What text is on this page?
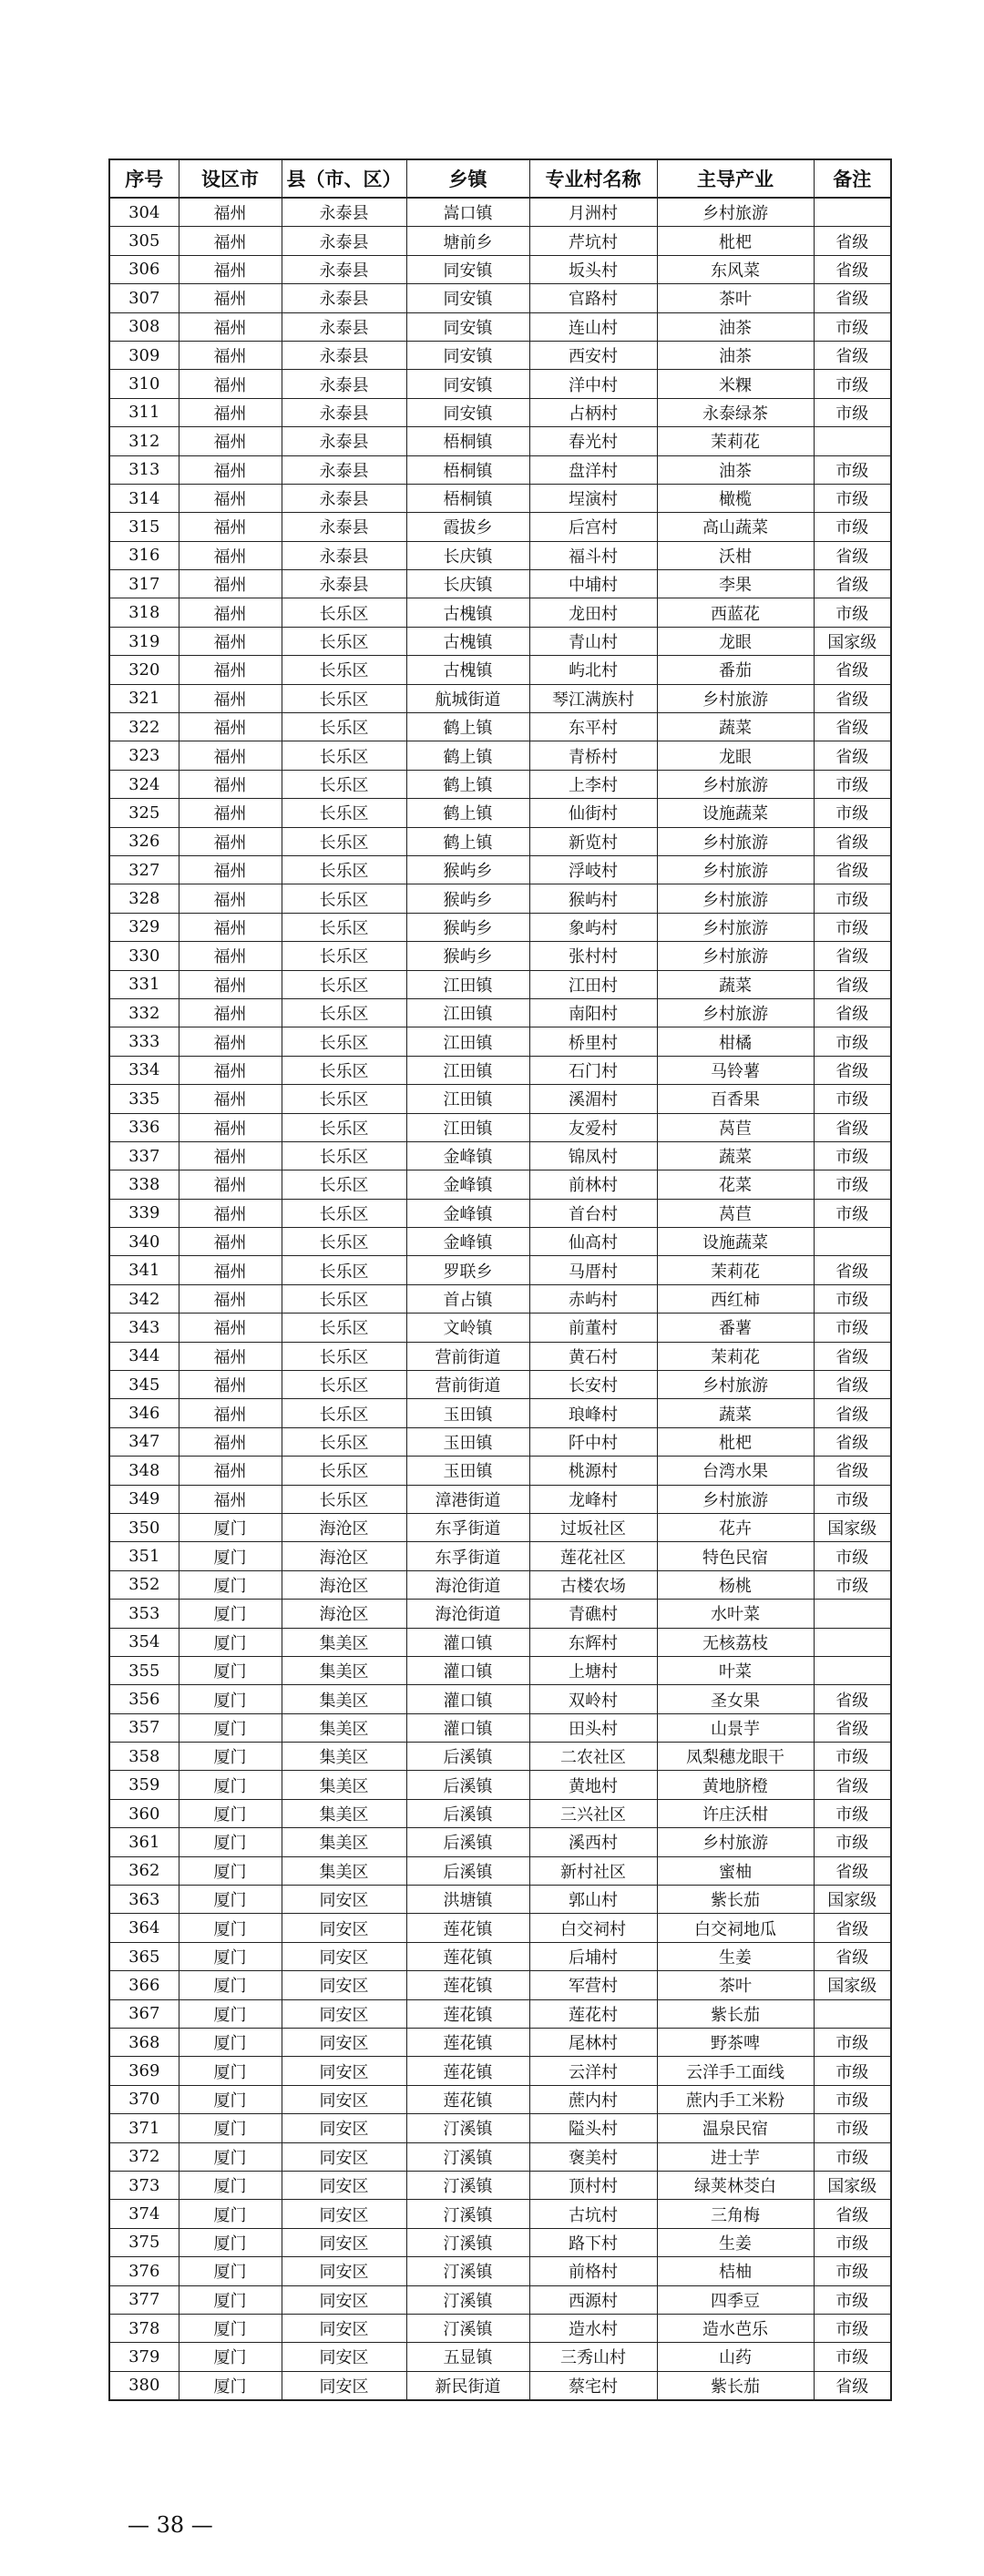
序号	设区市	县（市、区）	乡镇	专业村名称	主导产业	备注
304	福州	永泰县	嵩口镇	月洲村	乡村旅游	
305	福州	永泰县	塘前乡	芹坑村	枇杷	省级
306	福州	永泰县	同安镇	坂头村	东风菜	省级
307	福州	永泰县	同安镇	官路村	茶叶	省级
308	福州	永泰县	同安镇	连山村	油茶	市级
309	福州	永泰县	同安镇	西安村	油茶	省级
310	福州	永泰县	同安镇	洋中村	米粿	市级
311	福州	永泰县	同安镇	占柄村	永泰绿茶	市级
312	福州	永泰县	梧桐镇	春光村	茉莉花	
313	福州	永泰县	梧桐镇	盘洋村	油茶	市级
314	福州	永泰县	梧桐镇	埕演村	橄榄	市级
315	福州	永泰县	霞拔乡	后宫村	高山蔬菜	市级
316	福州	永泰县	长庆镇	福斗村	沃柑	省级
317	福州	永泰县	长庆镇	中埔村	李果	省级
318	福州	长乐区	古槐镇	龙田村	西蓝花	市级
319	福州	长乐区	古槐镇	青山村	龙眼	国家级
320	福州	长乐区	古槐镇	屿北村	番茄	省级
321	福州	长乐区	航城街道	琴江满族村	乡村旅游	省级
322	福州	长乐区	鹤上镇	东平村	蔬菜	省级
323	福州	长乐区	鹤上镇	青桥村	龙眼	省级
324	福州	长乐区	鹤上镇	上李村	乡村旅游	市级
325	福州	长乐区	鹤上镇	仙街村	设施蔬菜	市级
326	福州	长乐区	鹤上镇	新览村	乡村旅游	省级
327	福州	长乐区	猴屿乡	浮岐村	乡村旅游	省级
328	福州	长乐区	猴屿乡	猴屿村	乡村旅游	市级
329	福州	长乐区	猴屿乡	象屿村	乡村旅游	市级
330	福州	长乐区	猴屿乡	张村村	乡村旅游	省级
331	福州	长乐区	江田镇	江田村	蔬菜	省级
332	福州	长乐区	江田镇	南阳村	乡村旅游	省级
333	福州	长乐区	江田镇	桥里村	柑橘	市级
334	福州	长乐区	江田镇	石门村	马铃薯	省级
335	福州	长乐区	江田镇	溪湄村	百香果	市级
336	福州	长乐区	江田镇	友爱村	莴苣	省级
337	福州	长乐区	金峰镇	锦凤村	蔬菜	市级
338	福州	长乐区	金峰镇	前林村	花菜	市级
339	福州	长乐区	金峰镇	首台村	莴苣	市级
340	福州	长乐区	金峰镇	仙高村	设施蔬菜	
341	福州	长乐区	罗联乡	马厝村	茉莉花	省级
342	福州	长乐区	首占镇	赤屿村	西红柿	市级
343	福州	长乐区	文岭镇	前董村	番薯	市级
344	福州	长乐区	营前街道	黄石村	茉莉花	省级
345	福州	长乐区	营前街道	长安村	乡村旅游	省级
346	福州	长乐区	玉田镇	琅峰村	蔬菜	省级
347	福州	长乐区	玉田镇	阡中村	枇杷	省级
348	福州	长乐区	玉田镇	桃源村	台湾水果	省级
349	福州	长乐区	漳港街道	龙峰村	乡村旅游	市级
350	厦门	海沧区	东孚街道	过坂社区	花卉	国家级
351	厦门	海沧区	东孚街道	莲花社区	特色民宿	市级
352	厦门	海沧区	海沧街道	古楼农场	杨桃	市级
353	厦门	海沧区	海沧街道	青礁村	水叶菜	
354	厦门	集美区	灌口镇	东辉村	无核荔枝	
355	厦门	集美区	灌口镇	上塘村	叶菜	
356	厦门	集美区	灌口镇	双岭村	圣女果	省级
357	厦门	集美区	灌口镇	田头村	山景芋	省级
358	厦门	集美区	后溪镇	二农社区	凤梨穗龙眼干	市级
359	厦门	集美区	后溪镇	黄地村	黄地脐橙	省级
360	厦门	集美区	后溪镇	三兴社区	许庄沃柑	市级
361	厦门	集美区	后溪镇	溪西村	乡村旅游	市级
362	厦门	集美区	后溪镇	新村社区	蜜柚	省级
363	厦门	同安区	洪塘镇	郭山村	紫长茄	国家级
364	厦门	同安区	莲花镇	白交祠村	白交祠地瓜	省级
365	厦门	同安区	莲花镇	后埔村	生姜	省级
366	厦门	同安区	莲花镇	军营村	茶叶	国家级
367	厦门	同安区	莲花镇	莲花村	紫长茄	
368	厦门	同安区	莲花镇	尾林村	野茶啤	市级
369	厦门	同安区	莲花镇	云洋村	云洋手工面线	市级
370	厦门	同安区	莲花镇	蔗内村	蔗内手工米粉	市级
371	厦门	同安区	汀溪镇	隘头村	温泉民宿	市级
372	厦门	同安区	汀溪镇	褒美村	进士芋	市级
373	厦门	同安区	汀溪镇	顶村村	绿荚林茭白	国家级
374	厦门	同安区	汀溪镇	古坑村	三角梅	省级
375	厦门	同安区	汀溪镇	路下村	生姜	市级
376	厦门	同安区	汀溪镇	前格村	桔柚	市级
377	厦门	同安区	汀溪镇	西源村	四季豆	市级
378	厦门	同安区	汀溪镇	造水村	造水芭乐	市级
379	厦门	同安区	五显镇	三秀山村	山药	市级
380	厦门	同安区	新民街道	蔡宅村	紫长茄	省级
— 38 —
